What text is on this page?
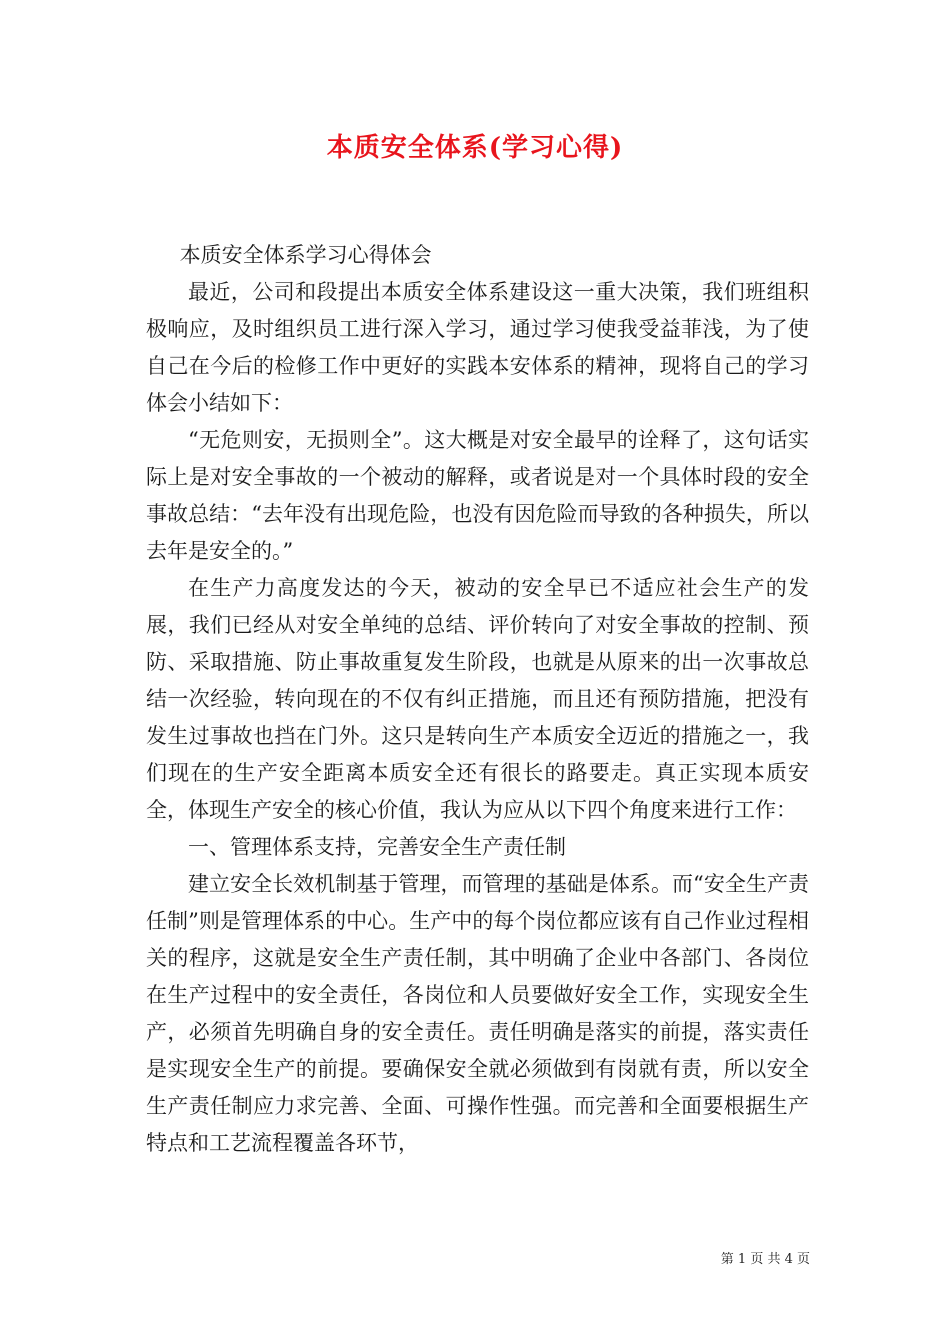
本质安全体系(学习心得)

本质安全体系学习心得体会

最近，公司和段提出本质安全体系建设这一重大决策，我们班组积极响应，及时组织员工进行深入学习，通过学习使我受益菲浅，为了使自己在今后的检修工作中更好的实践本安体系的精神，现将自己的学习体会小结如下：

“无危则安，无损则全”。这大概是对安全最早的诠释了，这句话实际上是对安全事故的一个被动的解释，或者说是对一个具体时段的安全事故总结：“去年没有出现危险，也没有因危险而导致的各种损失，所以去年是安全的。”

在生产力高度发达的今天，被动的安全早已不适应社会生产的发展，我们已经从对安全单纯的总结、评价转向了对安全事故的控制、预防、采取措施、防止事故重复发生阶段，也就是从原来的出一次事故总结一次经验，转向现在的不仅有纠正措施，而且还有预防措施，把没有发生过事故也挡在门外。这只是转向生产本质安全迈近的措施之一，我们现在的生产安全距离本质安全还有很长的路要走。真正实现本质安全，体现生产安全的核心价值，我认为应从以下四个角度来进行工作：

一、管理体系支持，完善安全生产责任制

建立安全长效机制基于管理，而管理的基础是体系。而“安全生产责任制”则是管理体系的中心。生产中的每个岗位都应该有自己作业过程相关的程序，这就是安全生产责任制，其中明确了企业中各部门、各岗位在生产过程中的安全责任，各岗位和人员要做好安全工作，实现安全生产，必须首先明确自身的安全责任。责任明确是落实的前提，落实责任是实现安全生产的前提。要确保安全就必须做到有岗就有责，所以安全生产责任制应力求完善、全面、可操作性强。而完善和全面要根据生产特点和工艺流程覆盖各环节，

第 1 页 共 4 页
